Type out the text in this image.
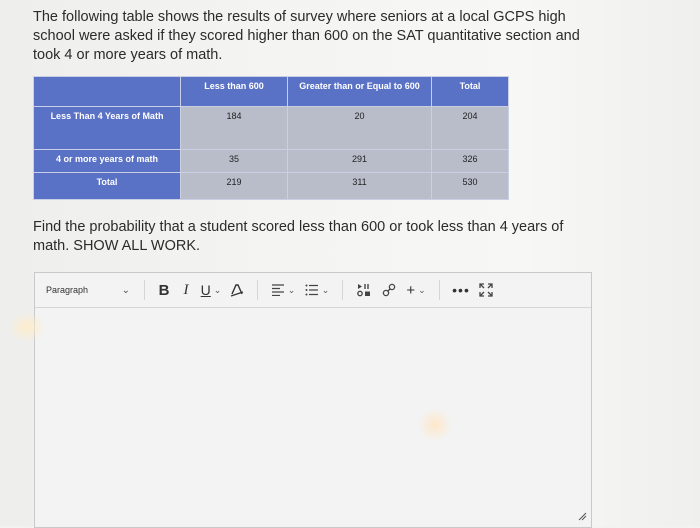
The following table shows the results of survey where seniors at a local GCPS high school were asked if they scored higher than 600 on the SAT quantitative section and took 4 or more years of math.
	Less than 600	Greater than or Equal to 600	Total
Less Than 4 Years of Math	184	20	204
4 or more years of math	35	291	326
Total	219	311	530
Find the probability that a student scored less than 600 or took less than 4 years of math. SHOW ALL WORK.
Paragraph	⌄	B I U ⌄	⌄	⌄	+ ⌄ •••
